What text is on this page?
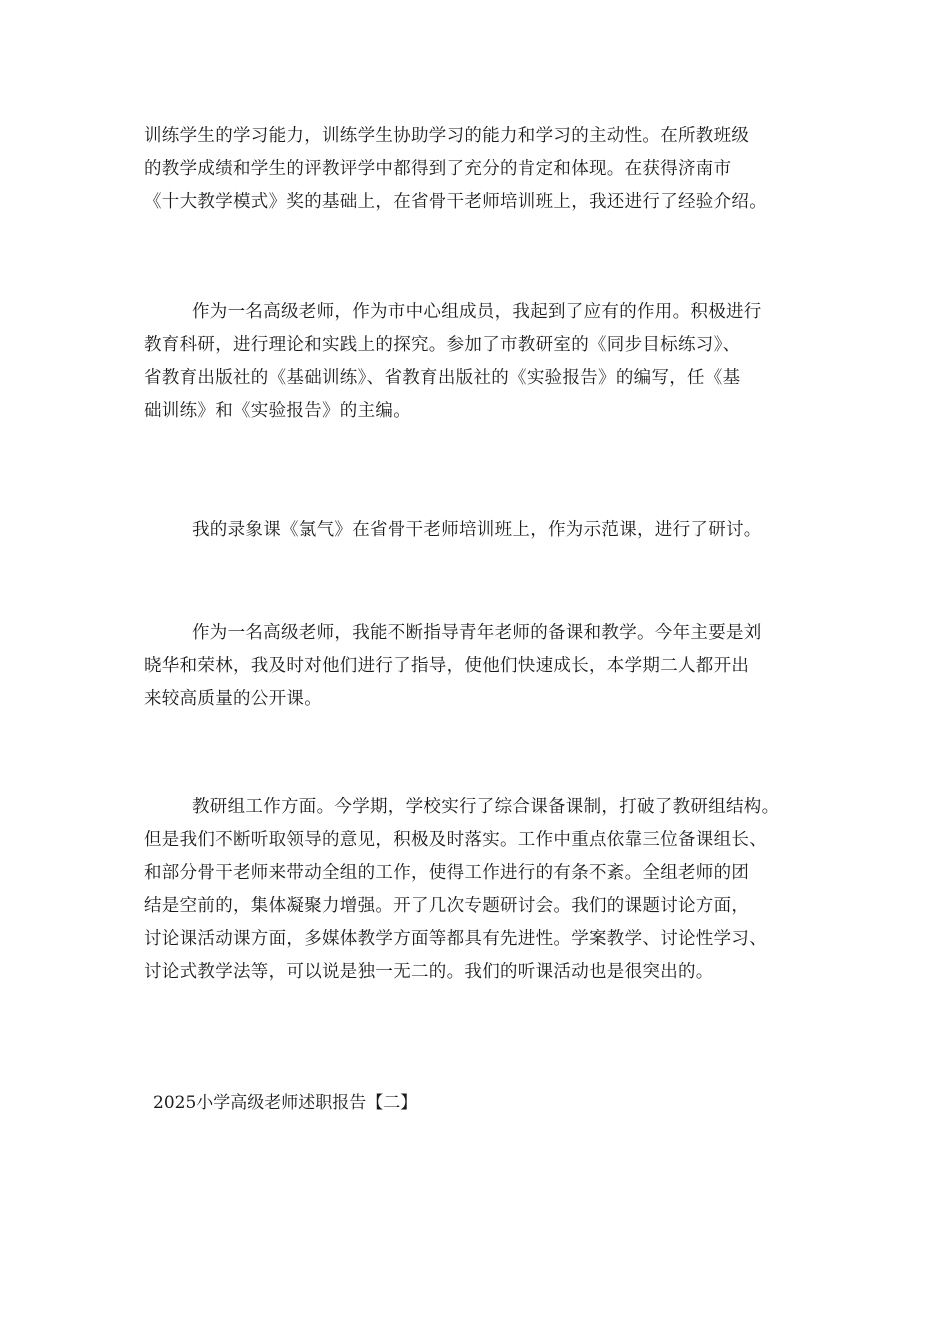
训练学生的学习能力，训练学生协助学习的能力和学习的主动性。在所教班级
的教学成绩和学生的评教评学中都得到了充分的肯定和体现。在获得济南市
《十大教学模式》奖的基础上，在省骨干老师培训班上，我还进行了经验介绍。
作为一名高级老师，作为市中心组成员，我起到了应有的作用。积极进行
教育科研，进行理论和实践上的探究。参加了市教研室的《同步目标练习》、
省教育出版社的《基础训练》、省教育出版社的《实验报告》的编写，任《基
础训练》和《实验报告》的主编。
我的录象课《氯气》在省骨干老师培训班上，作为示范课，进行了研讨。
作为一名高级老师，我能不断指导青年老师的备课和教学。今年主要是刘
晓华和荣林，我及时对他们进行了指导，使他们快速成长，本学期二人都开出
来较高质量的公开课。
教研组工作方面。今学期，学校实行了综合课备课制，打破了教研组结构。
但是我们不断听取领导的意见，积极及时落实。工作中重点依靠三位备课组长、
和部分骨干老师来带动全组的工作，使得工作进行的有条不紊。全组老师的团
结是空前的，集体凝聚力增强。开了几次专题研讨会。我们的课题讨论方面，
讨论课活动课方面，多媒体教学方面等都具有先进性。学案教学、讨论性学习、
讨论式教学法等，可以说是独一无二的。我们的听课活动也是很突出的。

2025小学高级老师述职报告【二】
